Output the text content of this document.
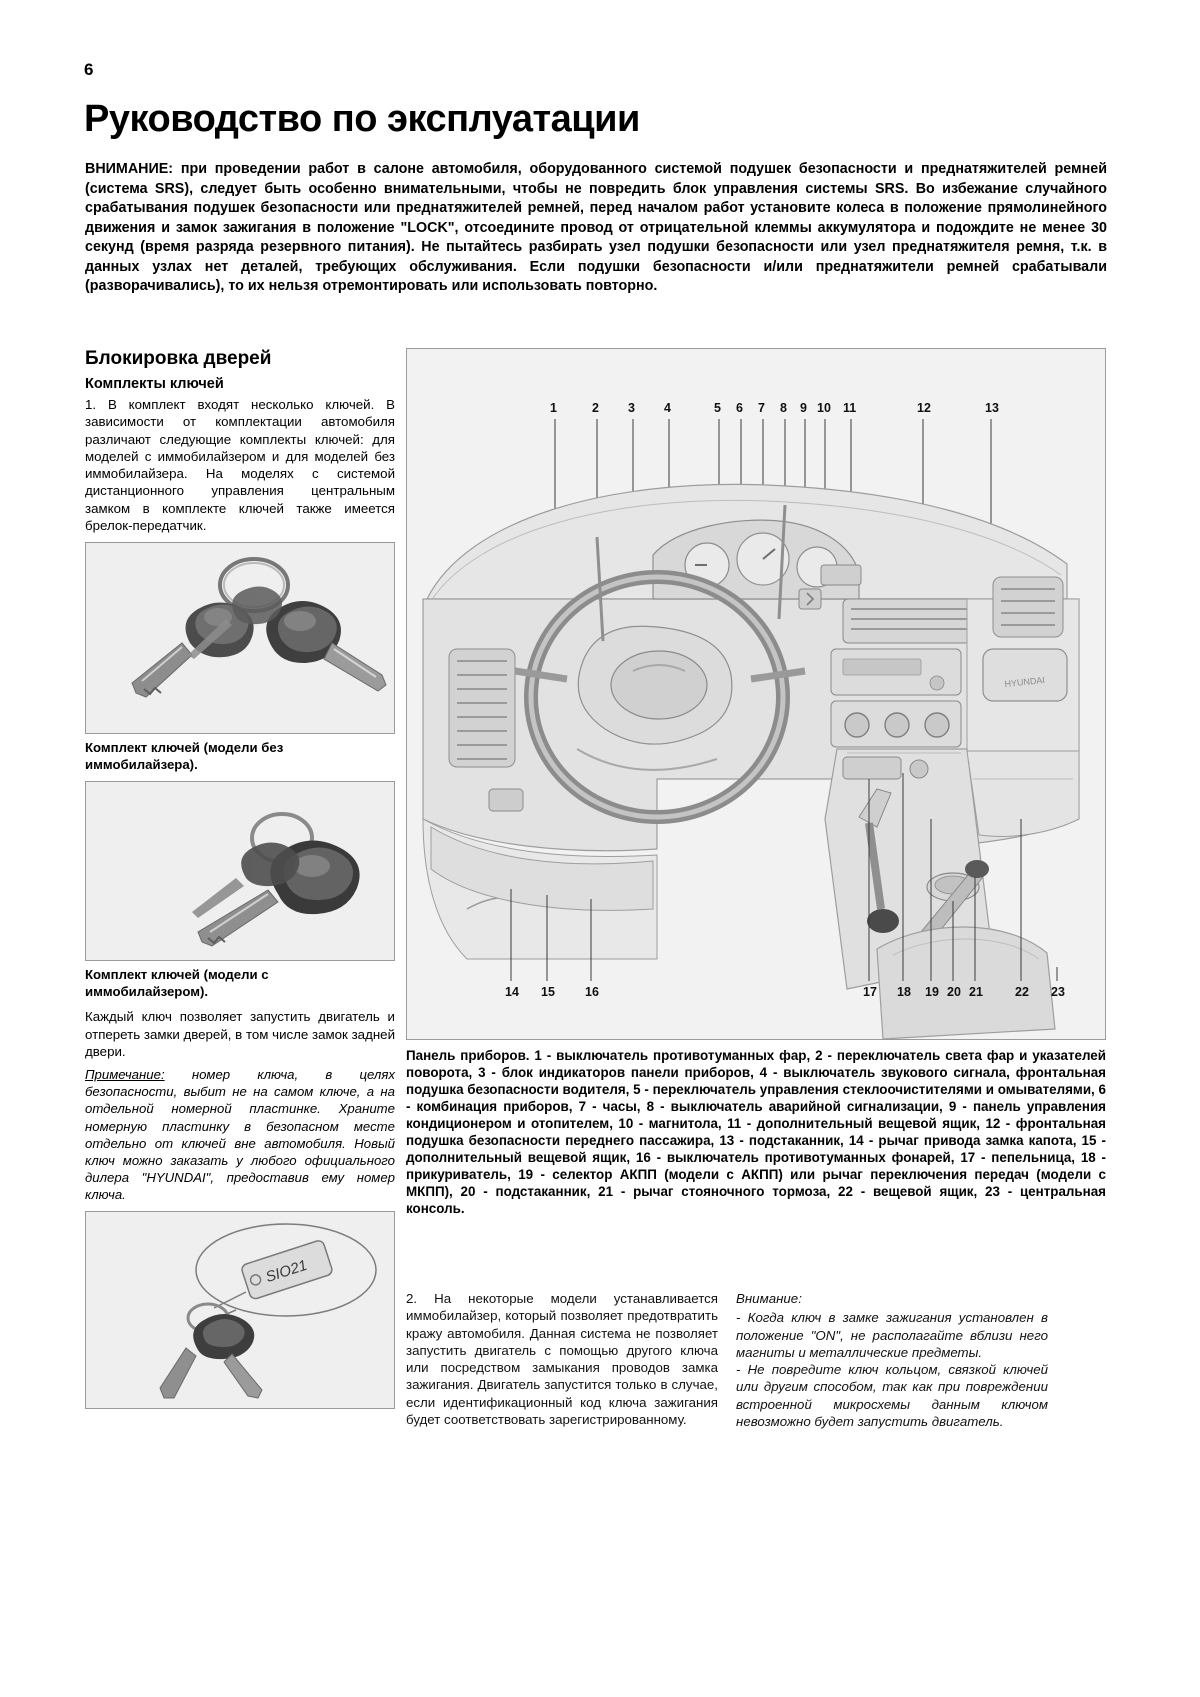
6
Руководство по эксплуатации
ВНИМАНИЕ: при проведении работ в салоне автомобиля, оборудованного системой подушек безопасности и преднатяжителей ремней (система SRS), следует быть особенно внимательными, чтобы не повредить блок управления системы SRS. Во избежание случайного срабатывания подушек безопасности или преднатяжителей ремней, перед началом работ установите колеса в положение прямолинейного движения и замок зажигания в положение "LOCK", отсоедините провод от отрицательной клеммы аккумулятора и подождите не менее 30 секунд (время разряда резервного питания). Не пытайтесь разбирать узел подушки безопасности или узел преднатяжителя ремня, т.к. в данных узлах нет деталей, требующих обслуживания. Если подушки безопасности и/или преднатяжители ремней срабатывали (разворачивались), то их нельзя отремонтировать или использовать повторно.
Блокировка дверей
Комплекты ключей
1. В комплект входят несколько ключей. В зависимости от комплектации автомобиля различают следующие комплекты ключей: для моделей с иммобилайзером и для моделей без иммобилайзера. На моделях с системой дистанционного управления центральным замком в комплекте ключей также имеется брелок-передатчик.
Комплект ключей (модели без иммобилайзера).
Комплект ключей (модели с иммобилайзером).
Каждый ключ позволяет запустить двигатель и отпереть замки дверей, в том числе замок задней двери.
Примечание: номер ключа, в целях безопасности, выбит не на самом ключе, а на отдельной номерной пластинке. Храните номерную пластинку в безопасном месте отдельно от ключей вне автомобиля. Новый ключ можно заказать у любого официального дилера "HYUNDAI", предоставив ему номер ключа.
SIO21
HYUNDAI
1	2 3 4	5 6 7 8 9 10 11	12	13
14 15 16	17 18 19 20 21	22 23
Панель приборов. 1 - выключатель противотуманных фар, 2 - переключатель света фар и указателей поворота, 3 - блок индикаторов панели приборов, 4 - выключатель звукового сигнала, фронтальная подушка безопасности водителя, 5 - переключатель управления стеклоочистителями и омывателями, 6 - комбинация приборов, 7 - часы, 8 - выключатель аварийной сигнализации, 9 - панель управления кондиционером и отопителем, 10 - магнитола, 11 - дополнительный вещевой ящик, 12 - фронтальная подушка безопасности переднего пассажира, 13 - подстаканник, 14 - рычаг привода замка капота, 15 - дополнительный вещевой ящик, 16 - выключатель противотуманных фонарей, 17 - пепельница, 18 - прикуриватель, 19 - селектор АКПП (модели с АКПП) или рычаг переключения передач (модели с МКПП), 20 - подстаканник, 21 - рычаг стояночного тормоза, 22 - вещевой ящик, 23 - центральная консоль.
2. На некоторые модели устанавливается иммобилайзер, который позволяет предотвратить кражу автомобиля. Данная система не позволяет запустить двигатель с помощью другого ключа или посредством замыкания проводов замка зажигания. Двигатель запустится только в случае, если идентификационный код ключа зажигания будет соответствовать зарегистрированному.
Внимание:
- Когда ключ в замке зажигания установлен в положение "ON", не располагайте вблизи него магниты и металлические предметы.
- Не повредите ключ кольцом, связкой ключей или другим способом, так как при повреждении встроенной микросхемы данным ключом невозможно будет запустить двигатель.
